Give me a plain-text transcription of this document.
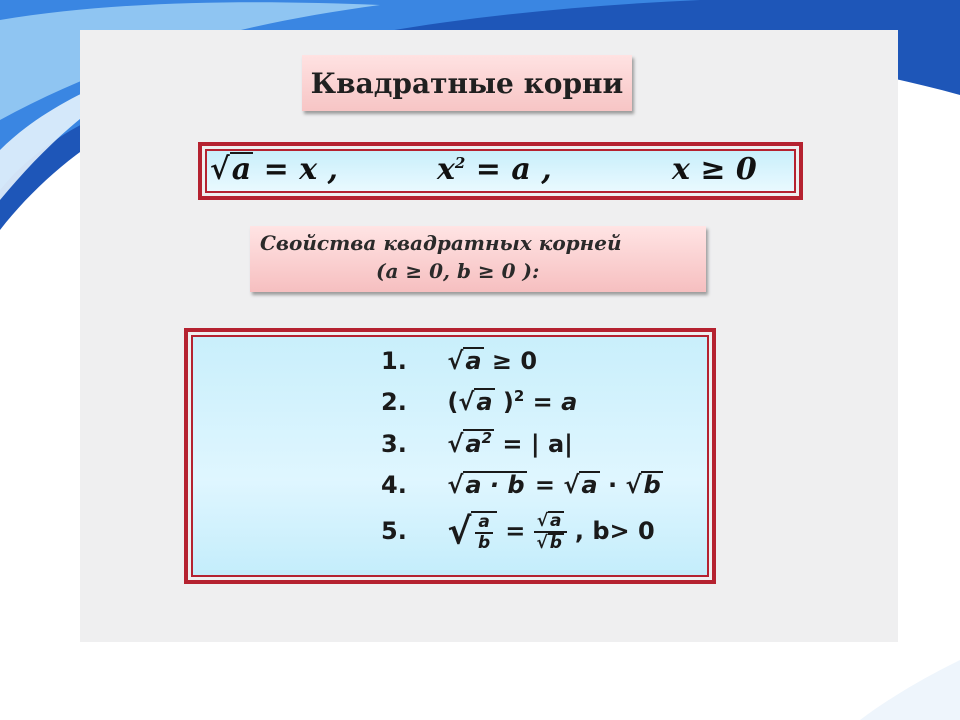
Квадратные корни
√a = x ,	$x^2 = a$ ,	x ≥ 0
Свойства квадратных корней
(a ≥ 0, b ≥ 0 ):
1. √a ≥ 0
2. (√a )$^2$ = a
3. $√a^2$ = | a|
4. √a · b = √a · √b
5. √ $\frac{a}{b} = \frac{√ a}{√ b}$ , b> 0
